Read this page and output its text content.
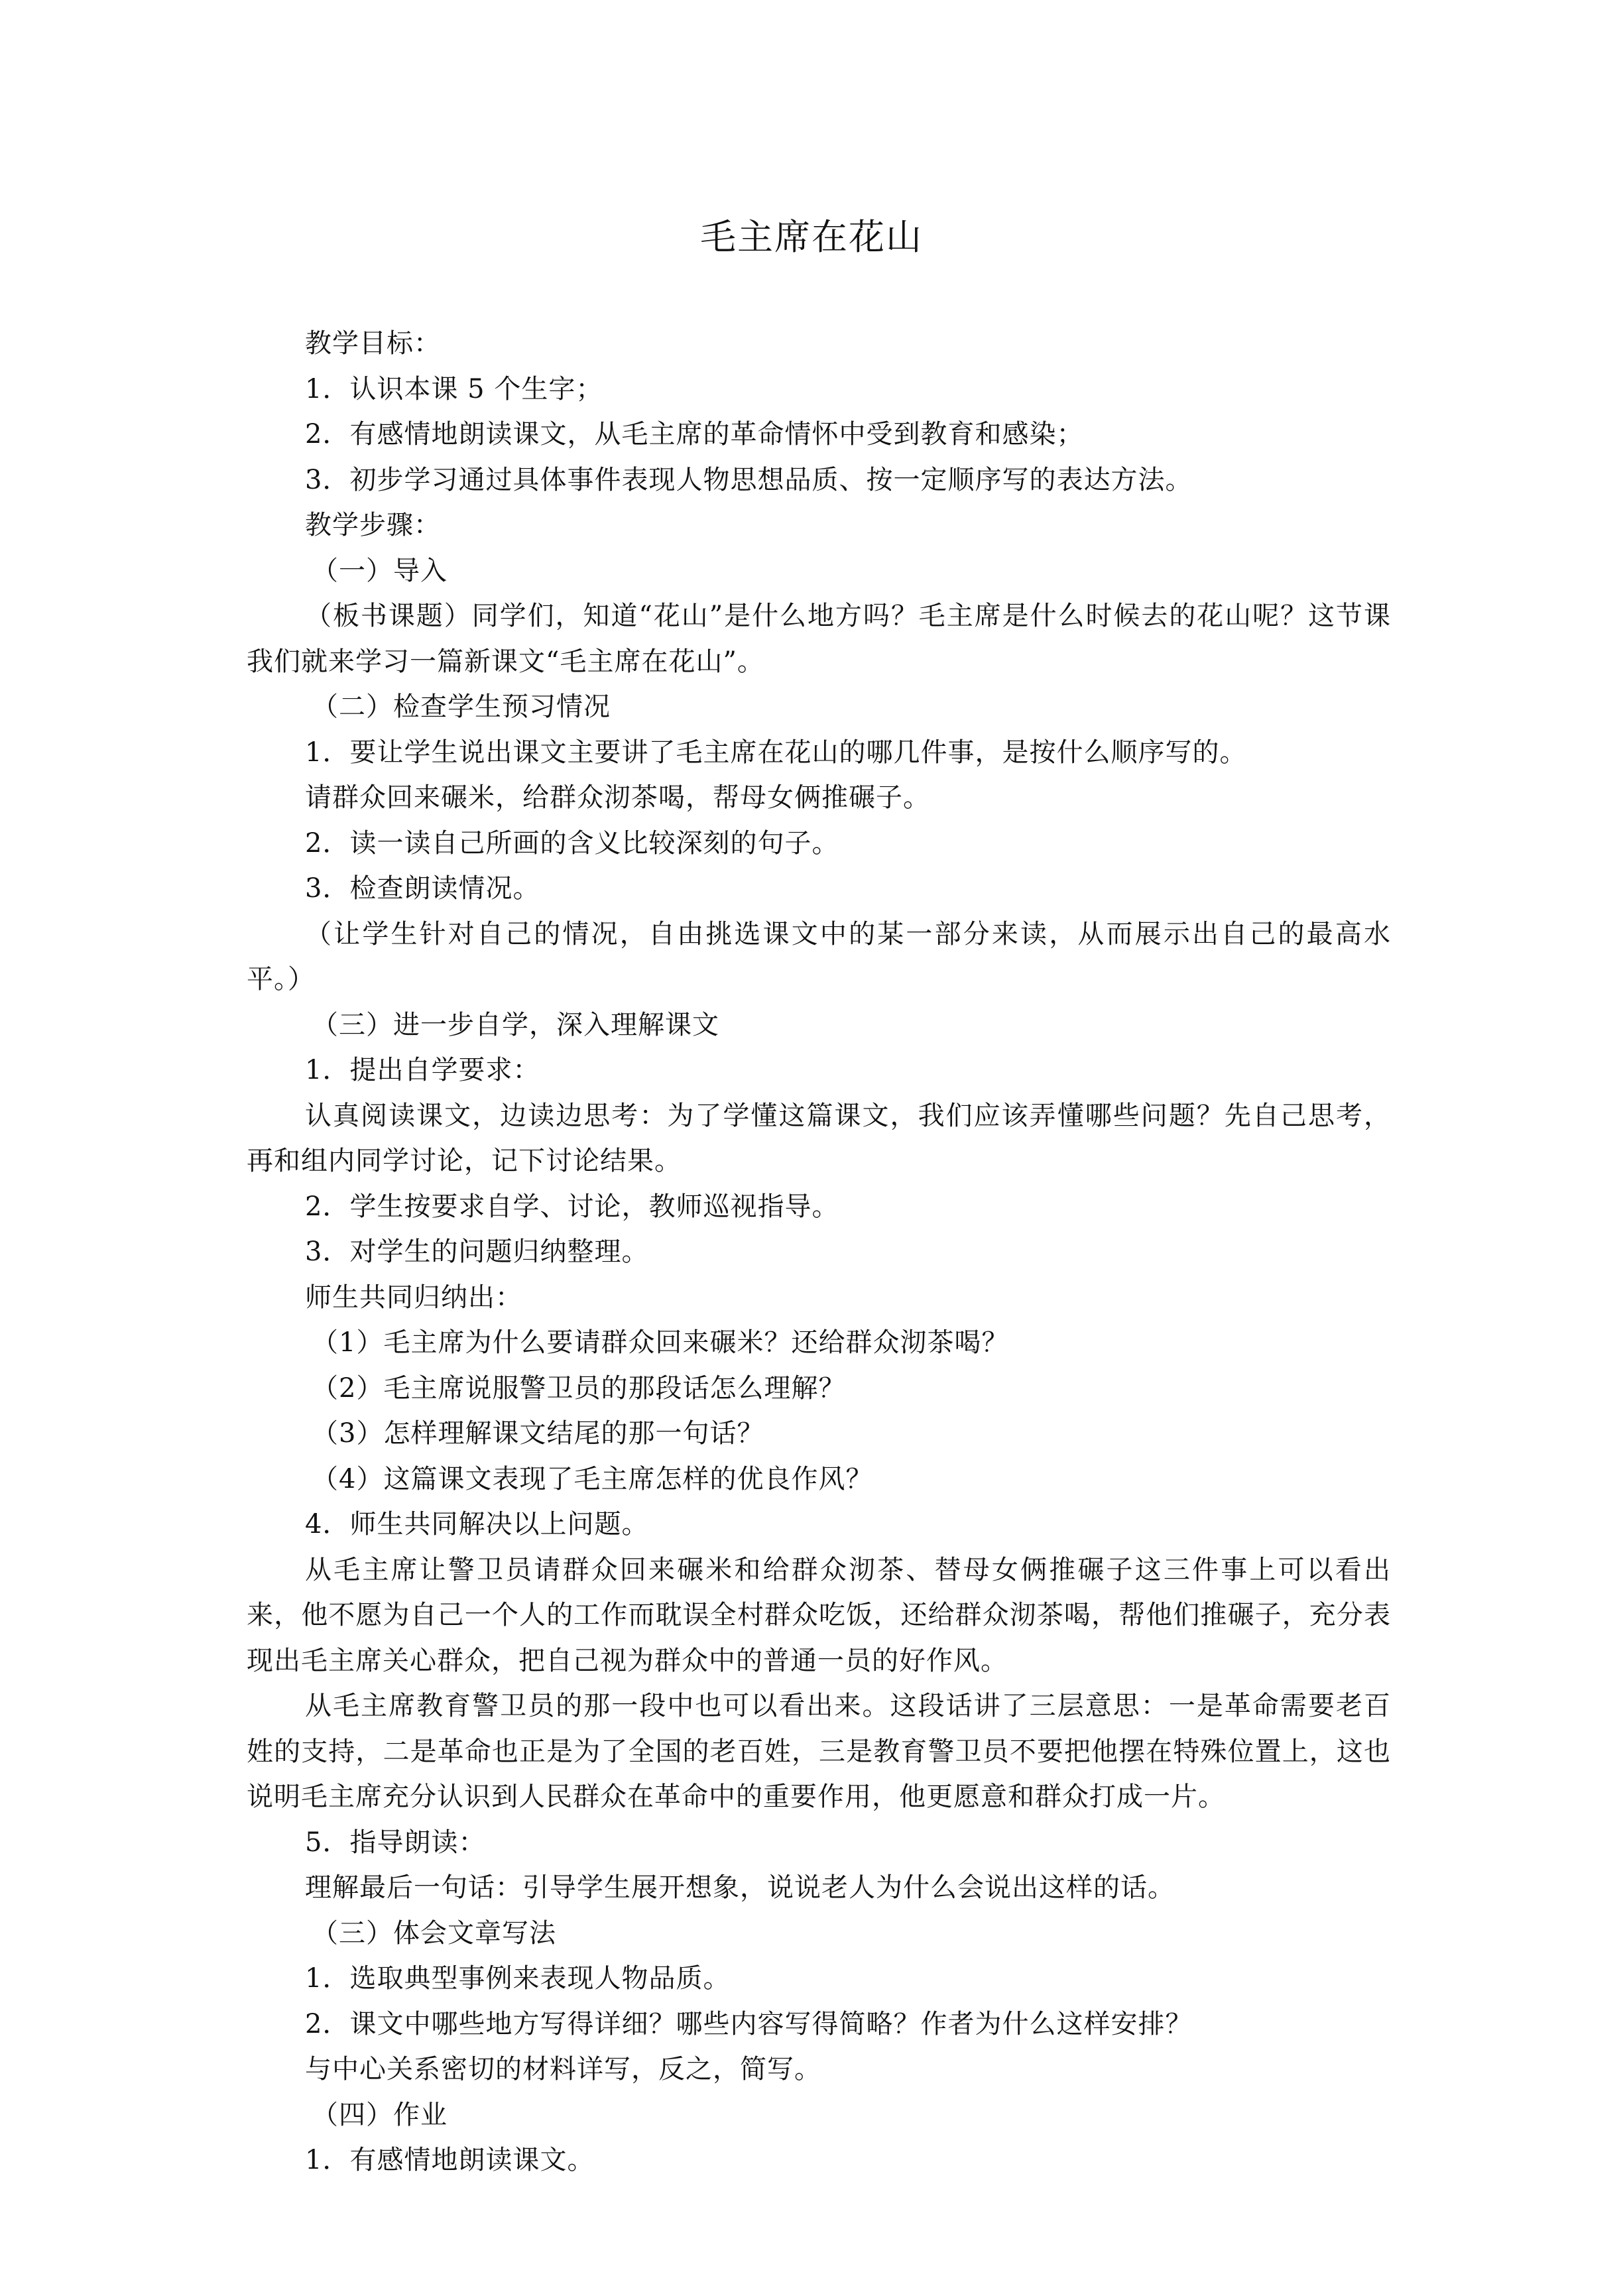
毛主席在花山

教学目标：

1．认识本课 5 个生字；

2．有感情地朗读课文，从毛主席的革命情怀中受到教育和感染；

3．初步学习通过具体事件表现人物思想品质、按一定顺序写的表达方法。

教学步骤：

（一）导入

（板书课题）同学们，知道“花山”是什么地方吗？毛主席是什么时候去的花山呢？这节课我们就来学习一篇新课文“毛主席在花山”。

（二）检查学生预习情况

1．要让学生说出课文主要讲了毛主席在花山的哪几件事，是按什么顺序写的。

请群众回来碾米，给群众沏茶喝，帮母女俩推碾子。

2．读一读自己所画的含义比较深刻的句子。

3．检查朗读情况。

（让学生针对自己的情况，自由挑选课文中的某一部分来读，从而展示出自己的最高水平。）

（三）进一步自学，深入理解课文

1．提出自学要求：

认真阅读课文，边读边思考：为了学懂这篇课文，我们应该弄懂哪些问题？先自己思考，再和组内同学讨论，记下讨论结果。

2．学生按要求自学、讨论，教师巡视指导。

3．对学生的问题归纳整理。

师生共同归纳出：

（1）毛主席为什么要请群众回来碾米？还给群众沏茶喝？

（2）毛主席说服警卫员的那段话怎么理解？

（3）怎样理解课文结尾的那一句话？

（4）这篇课文表现了毛主席怎样的优良作风？

4．师生共同解决以上问题。

从毛主席让警卫员请群众回来碾米和给群众沏茶、替母女俩推碾子这三件事上可以看出来，他不愿为自己一个人的工作而耽误全村群众吃饭，还给群众沏茶喝，帮他们推碾子，充分表现出毛主席关心群众，把自己视为群众中的普通一员的好作风。

从毛主席教育警卫员的那一段中也可以看出来。这段话讲了三层意思：一是革命需要老百姓的支持，二是革命也正是为了全国的老百姓，三是教育警卫员不要把他摆在特殊位置上，这也说明毛主席充分认识到人民群众在革命中的重要作用，他更愿意和群众打成一片。

5．指导朗读：

理解最后一句话：引导学生展开想象，说说老人为什么会说出这样的话。

（三）体会文章写法

1．选取典型事例来表现人物品质。

2．课文中哪些地方写得详细？哪些内容写得简略？作者为什么这样安排？

与中心关系密切的材料详写，反之，简写。

（四）作业

1．有感情地朗读课文。
